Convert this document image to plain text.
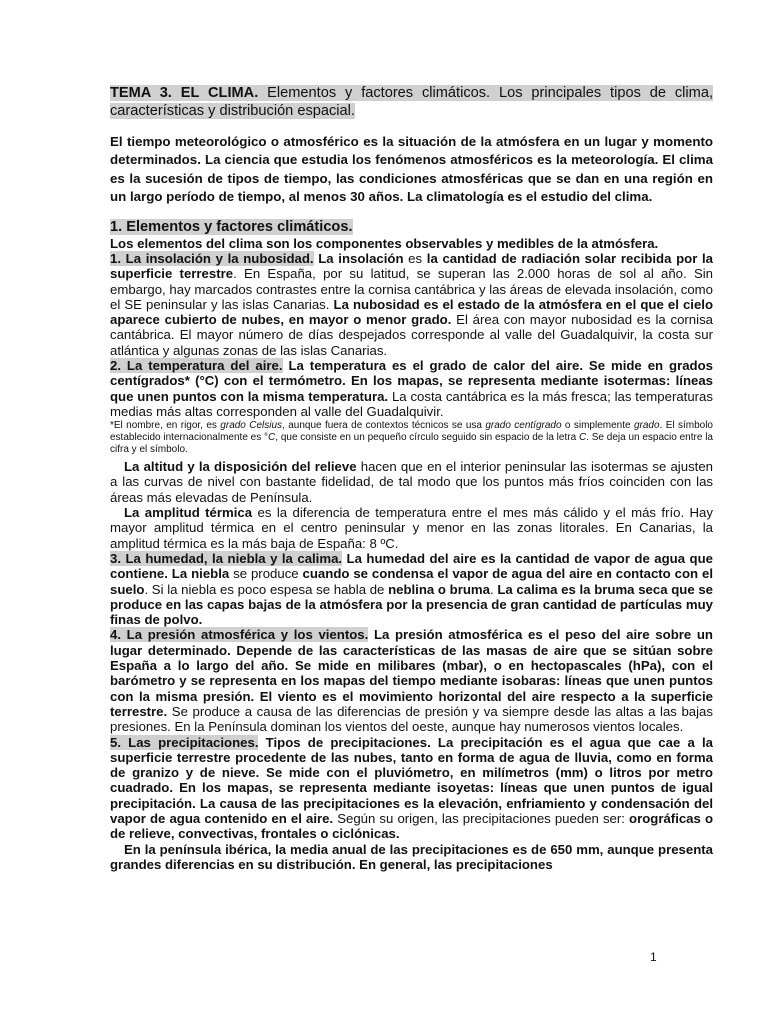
TEMA 3. EL CLIMA. Elementos y factores climáticos. Los principales tipos de clima, características y distribución espacial.

El tiempo meteorológico o atmosférico es la situación de la atmósfera en un lugar y momento determinados. La ciencia que estudia los fenómenos atmosféricos es la meteorología. El clima es la sucesión de tipos de tiempo, las condiciones atmosféricas que se dan en una región en un largo período de tiempo, al menos 30 años. La climatología es el estudio del clima.

1. Elementos y factores climáticos.

Los elementos del clima son los componentes observables y medibles de la atmósfera.

1. La insolación y la nubosidad. La insolación es la cantidad de radiación solar recibida por la superficie terrestre. En España, por su latitud, se superan las 2.000 horas de sol al año. Sin embargo, hay marcados contrastes entre la cornisa cantábrica y las áreas de elevada insolación, como el SE peninsular y las islas Canarias. La nubosidad es el estado de la atmósfera en el que el cielo aparece cubierto de nubes, en mayor o menor grado. El área con mayor nubosidad es la cornisa cantábrica. El mayor número de días despejados corresponde al valle del Guadalquivir, la costa sur atlántica y algunas zonas de las islas Canarias.

2. La temperatura del aire. La temperatura es el grado de calor del aire. Se mide en grados centígrados* (°C) con el termómetro. En los mapas, se representa mediante isotermas: líneas que unen puntos con la misma temperatura. La costa cantábrica es la más fresca; las temperaturas medias más altas corresponden al valle del Guadalquivir.

*El nombre, en rigor, es grado Celsius, aunque fuera de contextos técnicos se usa grado centígrado o simplemente grado. El símbolo establecido internacionalmente es °C, que consiste en un pequeño círculo seguido sin espacio de la letra C. Se deja un espacio entre la cifra y el símbolo.

La altitud y la disposición del relieve hacen que en el interior peninsular las isotermas se ajusten a las curvas de nivel con bastante fidelidad, de tal modo que los puntos más fríos coinciden con las áreas más elevadas de Península.

La amplitud térmica es la diferencia de temperatura entre el mes más cálido y el más frío. Hay mayor amplitud térmica en el centro peninsular y menor en las zonas litorales. En Canarias, la amplitud térmica es la más baja de España: 8 ºC.

3. La humedad, la niebla y la calima. La humedad del aire es la cantidad de vapor de agua que contiene. La niebla se produce cuando se condensa el vapor de agua del aire en contacto con el suelo. Si la niebla es poco espesa se habla de neblina o bruma. La calima es la bruma seca que se produce en las capas bajas de la atmósfera por la presencia de gran cantidad de partículas muy finas de polvo.

4. La presión atmosférica y los vientos. La presión atmosférica es el peso del aire sobre un lugar determinado. Depende de las características de las masas de aire que se sitúan sobre España a lo largo del año. Se mide en milibares (mbar), o en hectopascales (hPa), con el barómetro y se representa en los mapas del tiempo mediante isobaras: líneas que unen puntos con la misma presión. El viento es el movimiento horizontal del aire respecto a la superficie terrestre. Se produce a causa de las diferencias de presión y va siempre desde las altas a las bajas presiones. En la Península dominan los vientos del oeste, aunque hay numerosos vientos locales.

5. Las precipitaciones. Tipos de precipitaciones. La precipitación es el agua que cae a la superficie terrestre procedente de las nubes, tanto en forma de agua de lluvia, como en forma de granizo y de nieve. Se mide con el pluviómetro, en milímetros (mm) o litros por metro cuadrado. En los mapas, se representa mediante isoyetas: líneas que unen puntos de igual precipitación. La causa de las precipitaciones es la elevación, enfriamiento y condensación del vapor de agua contenido en el aire. Según su origen, las precipitaciones pueden ser: orográficas o de relieve, convectivas, frontales o ciclónicas.

En la península ibérica, la media anual de las precipitaciones es de 650 mm, aunque presenta grandes diferencias en su distribución. En general, las precipitaciones

1
